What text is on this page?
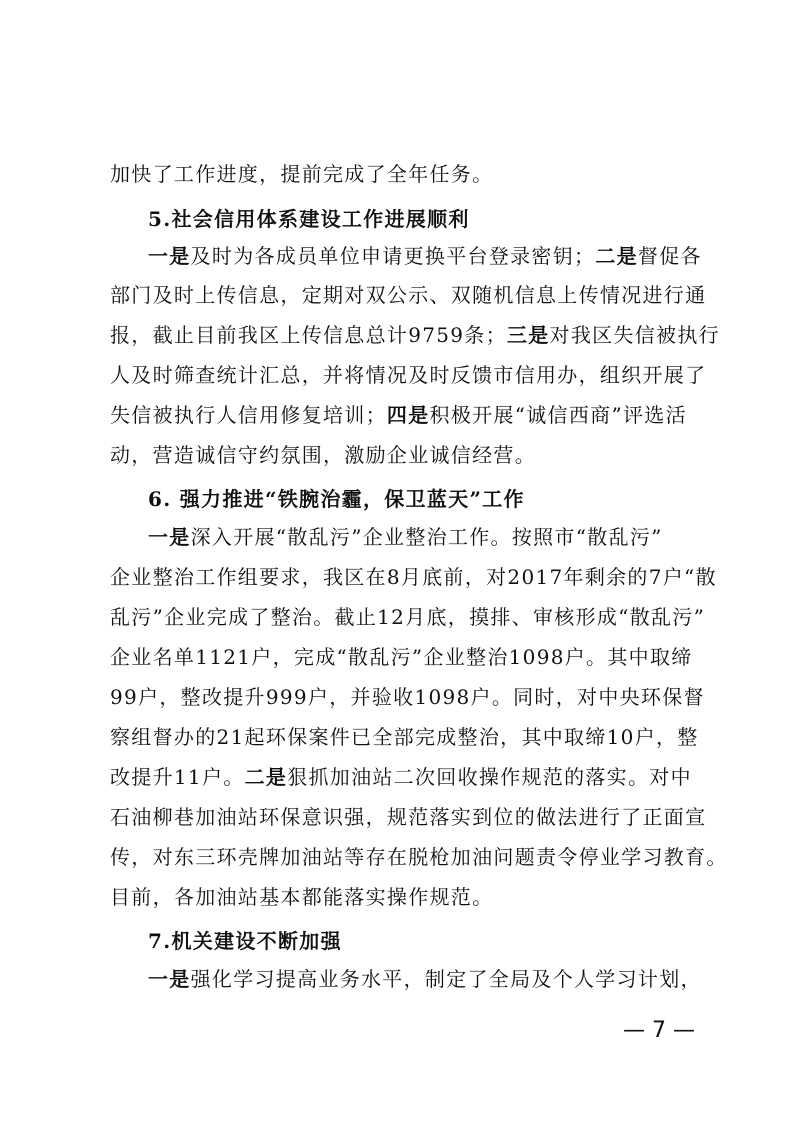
加快了工作进度，提前完成了全年任务。
5.社会信用体系建设工作进展顺利
一是及时为各成员单位申请更换平台登录密钥；二是督促各
部门及时上传信息，定期对双公示、双随机信息上传情况进行通
报，截止目前我区上传信息总计9759条；三是对我区失信被执行
人及时筛查统计汇总，并将情况及时反馈市信用办，组织开展了
失信被执行人信用修复培训；四是积极开展“诚信西商”评选活
动，营造诚信守约氛围，激励企业诚信经营。
6. 强力推进“铁腕治霾，保卫蓝天”工作
一是深入开展“散乱污”企业整治工作。按照市“散乱污”
企业整治工作组要求，我区在8月底前，对2017年剩余的7户“散
乱污”企业完成了整治。截止12月底，摸排、审核形成“散乱污”
企业名单1121户，完成“散乱污”企业整治1098户。其中取缔
99户，整改提升999户，并验收1098户。同时，对中央环保督
察组督办的21起环保案件已全部完成整治，其中取缔10户，整
改提升11户。二是狠抓加油站二次回收操作规范的落实。对中
石油柳巷加油站环保意识强，规范落实到位的做法进行了正面宣
传，对东三环壳牌加油站等存在脱枪加油问题责令停业学习教育。
目前，各加油站基本都能落实操作规范。
7.机关建设不断加强
一是强化学习提高业务水平，制定了全局及个人学习计划，
— 7 —
